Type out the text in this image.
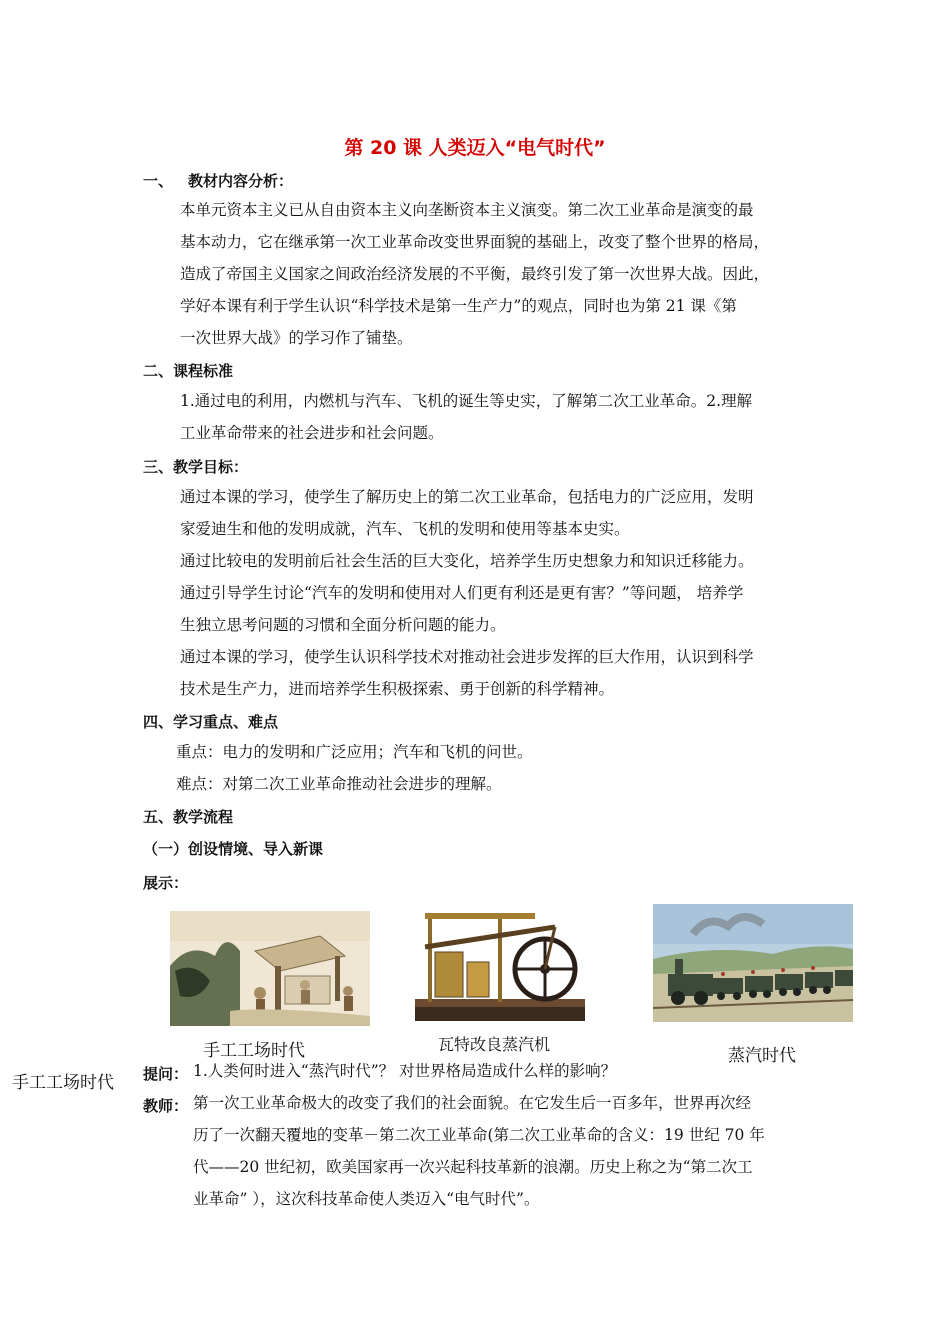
第 20 课 人类迈入“电气时代”
一、 教材内容分析：
本单元资本主义已从自由资本主义向垄断资本主义演变。第二次工业革命是演变的最
基本动力，它在继承第一次工业革命改变世界面貌的基础上，改变了整个世界的格局，
造成了帝国主义国家之间政治经济发展的不平衡，最终引发了第一次世界大战。因此，
学好本课有利于学生认识“科学技术是第一生产力”的观点，同时也为第 21 课《第
一次世界大战》的学习作了铺垫。
二、课程标准
1.通过电的利用，内燃机与汽车、飞机的诞生等史实，了解第二次工业革命。2.理解
工业革命带来的社会进步和社会问题。
三、教学目标：
通过本课的学习，使学生了解历史上的第二次工业革命，包括电力的广泛应用，发明
家爱迪生和他的发明成就，汽车、飞机的发明和使用等基本史实。
通过比较电的发明前后社会生活的巨大变化，培养学生历史想象力和知识迁移能力。
通过引导学生讨论“汽车的发明和使用对人们更有利还是更有害？”等问题， 培养学
生独立思考问题的习惯和全面分析问题的能力。
通过本课的学习，使学生认识科学技术对推动社会进步发挥的巨大作用，认识到科学
技术是生产力，进而培养学生积极探索、勇于创新的科学精神。
四、学习重点、难点
重点：电力的发明和广泛应用；汽车和飞机的问世。
难点：对第二次工业革命推动社会进步的理解。
五、教学流程
（一）创设情境、导入新课
展示：
手工工场时代	瓦特改良蒸汽机
蒸汽时代
手工工场时代 提问： 1.人类何时进入“蒸汽时代”？ 对世界格局造成什么样的影响？
教师： 第一次工业革命极大的改变了我们的社会面貌。在它发生后一百多年，世界再次经
历了一次翻天覆地的变革－第二次工业革命(第二次工业革命的含义：19 世纪 70 年
代——20 世纪初，欧美国家再一次兴起科技革新的浪潮。历史上称之为“第二次工
业革命” ），这次科技革命使人类迈入“电气时代”。
